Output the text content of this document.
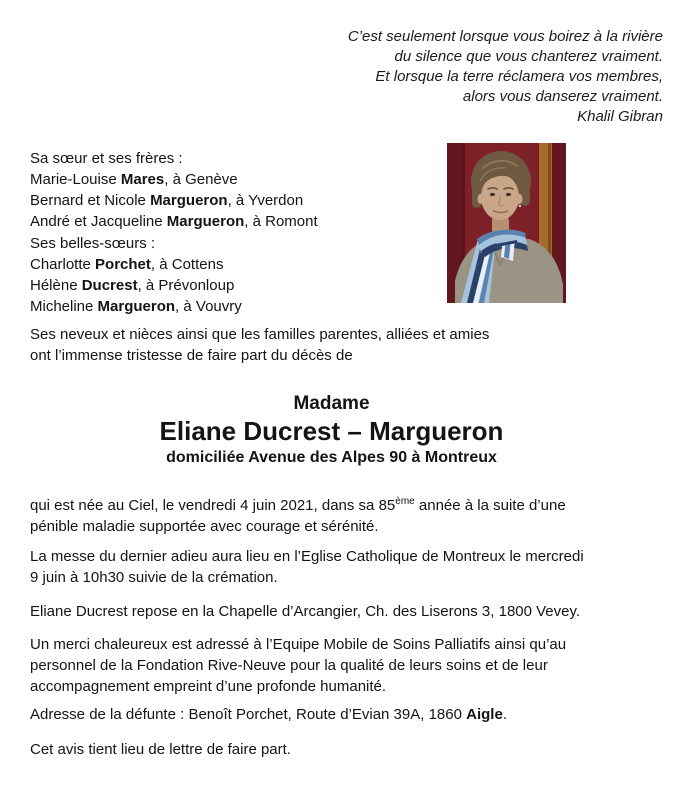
C’est seulement lorsque vous boirez à la rivière
du silence que vous chanterez vraiment.
Et lorsque la terre réclamera vos membres,
alors vous danserez vraiment.
Khalil Gibran
Sa sœur et ses frères :
Marie-Louise Mares, à Genève
Bernard et Nicole Margueron, à Yverdon
André et Jacqueline Margueron, à Romont
Ses belles-sœurs :
Charlotte Porchet, à Cottens
Hélène Ducrest, à Prévonloup
Micheline Margueron, à Vouvry
Ses neveux et nièces ainsi que les familles parentes, alliées et amies
ont l’immense tristesse de faire part du décès de
Madame
Eliane Ducrest – Margueron
domiciliée Avenue des Alpes 90 à Montreux
qui est née au Ciel, le vendredi 4 juin 2021, dans sa 85ème année à la suite d’une
pénible maladie supportée avec courage et sérénité.
La messe du dernier adieu aura lieu en l’Eglise Catholique de Montreux le mercredi
9 juin à 10h30 suivie de la crémation.
Eliane Ducrest repose en la Chapelle d’Arcangier, Ch. des Liserons 3, 1800 Vevey.
Un merci chaleureux est adressé à l’Equipe Mobile de Soins Palliatifs ainsi qu’au
personnel de la Fondation Rive-Neuve pour la qualité de leurs soins et de leur
accompagnement empreint d’une profonde humanité.
Adresse de la défunte : Benoît Porchet, Route d’Evian 39A, 1860 Aigle.
Cet avis tient lieu de lettre de faire part.
